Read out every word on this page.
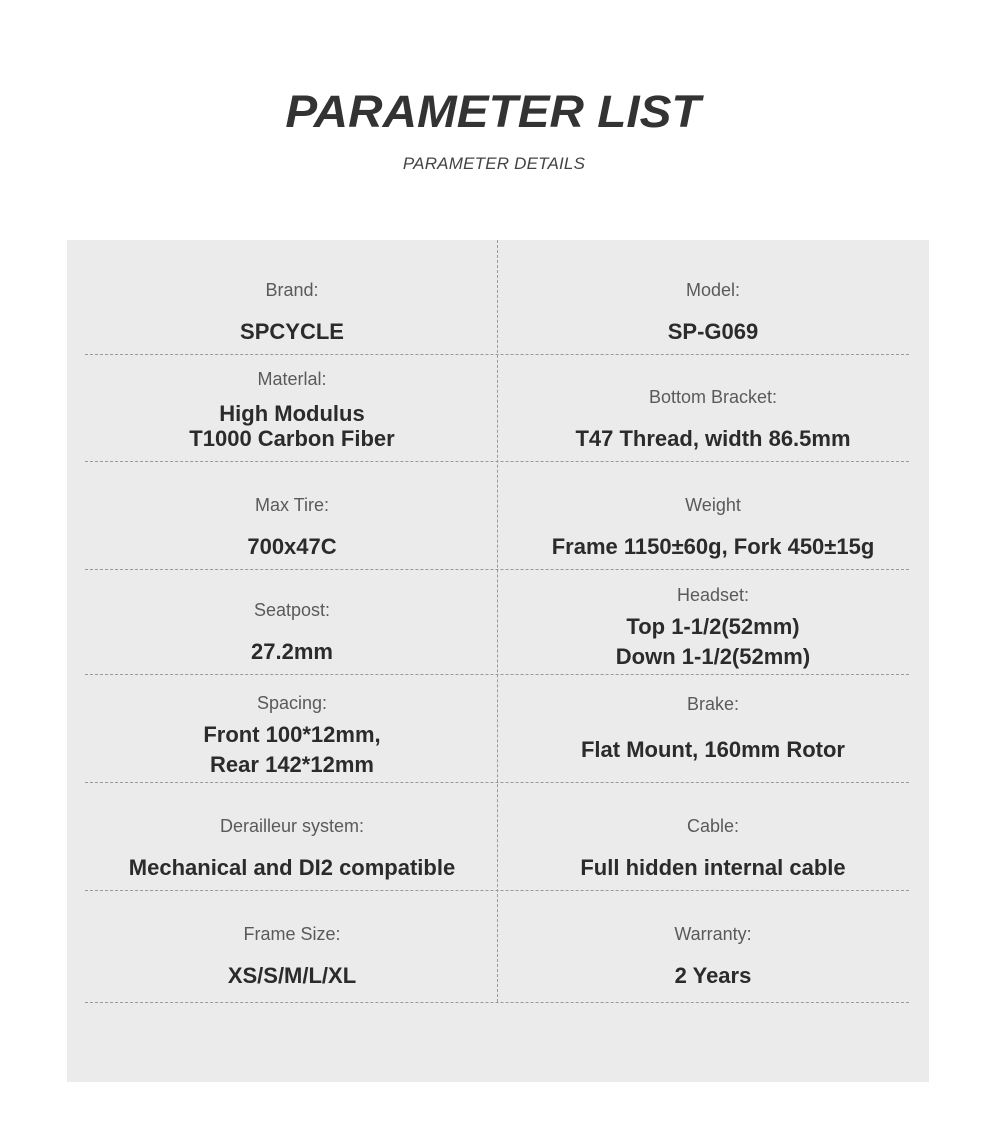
PARAMETER LIST
PARAMETER DETAILS
Brand:
SPCYCLE
Model:
SP-G069
Materlal:
High Modulus
T1000 Carbon Fiber
Bottom Bracket:
T47 Thread, width 86.5mm
Max Tire:
700x47C
Weight
Frame 1150±60g, Fork 450±15g
Seatpost:
27.2mm
Headset:
Top 1-1/2(52mm)
Down 1-1/2(52mm)
Spacing:
Front 100*12mm,
Rear 142*12mm
Brake:
Flat Mount, 160mm Rotor
Derailleur system:
Mechanical and DI2 compatible
Cable:
Full hidden internal cable
Frame Size:
XS/S/M/L/XL
Warranty:
2 Years
